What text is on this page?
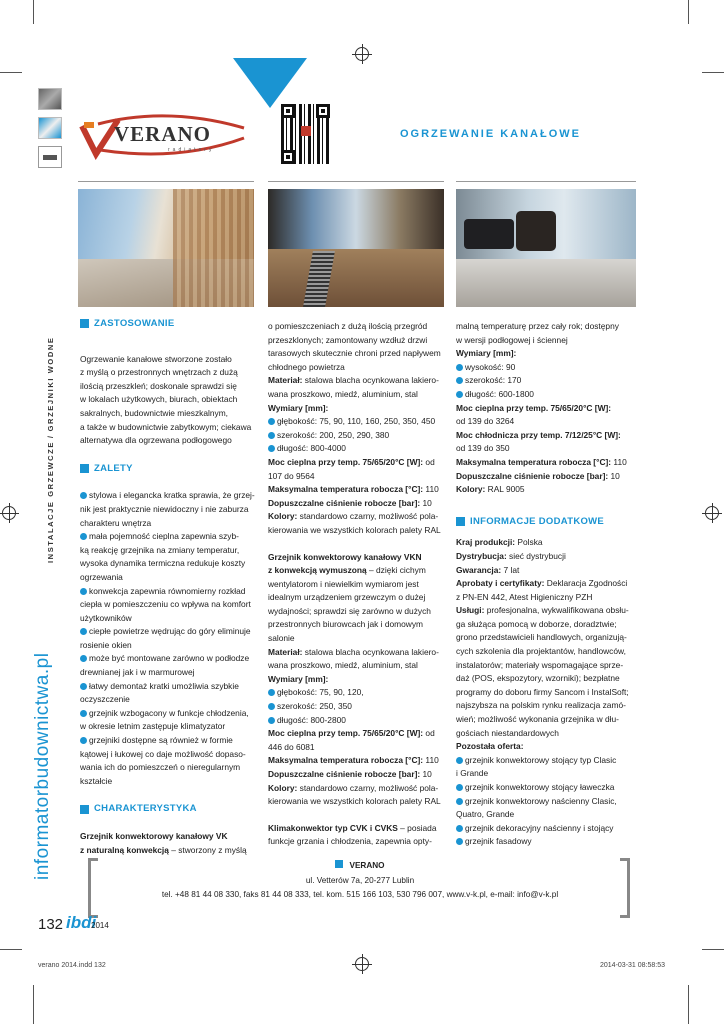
VERANO
radiatory
OGRZEWANIE KANAŁOWE
INSTALACJE GRZEWCZE/GRZEJNIKI WODNE
informatorbudownictwa.pl
ZASTOSOWANIE

Ogrzewanie kanałowe stworzone zostało

z myślą o przestronnych wnętrzach z dużą

ilością przeszkleń; doskonale sprawdzi się

w lokalach użytkowych, biurach, obiektach

sakralnych, budownictwie mieszkalnym,

a także w budownictwie zabytkowym; ciekawa

alternatywa dla ogrzewana podłogowego

ZALETY

stylowa i elegancka kratka sprawia, że grzej-

nik jest praktycznie niewidoczny i nie zaburza

charakteru wnętrza

mała pojemność cieplna zapewnia szyb-

ką reakcję grzejnika na zmiany temperatur,

wysoka dynamika termiczna redukuje koszty

ogrzewania

konwekcja zapewnia równomierny rozkład

ciepła w pomieszczeniu co wpływa na komfort

użytkowników

ciepłe powietrze wędrując do góry eliminuje

rosienie okien

może być montowane zarówno w podłodze

drewnianej jak i w marmurowej

łatwy demontaż kratki umożliwia szybkie

oczyszczenie

grzejnik wzbogacony w funkcje chłodzenia,

w okresie letnim zastępuje klimatyzator

grzejniki dostępne są również w formie

kątowej i łukowej co daje możliwość dopaso-

wania ich do pomieszczeń o nieregularnym

kształcie

CHARAKTERYSTYKA

Grzejnik konwektorowy kanałowy VK

z naturalną konwekcją – stworzony z myślą

o pomieszczeniach z dużą ilością przegród

przeszklonych; zamontowany wzdłuż drzwi

tarasowych skutecznie chroni przed napływem

chłodnego powietrza

Materiał: stalowa blacha ocynkowana lakiero-

wana proszkowo, miedź, aluminium, stal

Wymiary [mm]:

głębokość: 75, 90, 110, 160, 250, 350, 450

szerokość: 200, 250, 290, 380

długość: 800-4000

Moc cieplna przy temp. 75/65/20°C [W]: od

107 do 9564

Maksymalna temperatura robocza [°C]: 110

Dopuszczalne ciśnienie robocze [bar]: 10

Kolory: standardowo czarny, możliwość pola-

kierowania we wszystkich kolorach palety RAL

Grzejnik konwektorowy kanałowy VKN

z konwekcją wymuszoną – dzięki cichym

wentylatorom i niewielkim wymiarom jest

idealnym urządzeniem grzewczym o dużej

wydajności; sprawdzi się zarówno w dużych

przestronnych biurowcach jak i domowym

salonie

Materiał: stalowa blacha ocynkowana lakiero-

wana proszkowo, miedź, aluminium, stal

Wymiary [mm]:

głębokość: 75, 90, 120,

szerokość: 250, 350

długość: 800-2800

Moc cieplna przy temp. 75/65/20°C [W]: od

446 do 6081

Maksymalna temperatura robocza [°C]: 110

Dopuszczalne ciśnienie robocze [bar]: 10

Kolory: standardowo czarny, możliwość pola-

kierowania we wszystkich kolorach palety RAL

Klimakonwektor typ CVK i CVKS – posiada

funkcje grzania i chłodzenia, zapewnia opty-

malną temperaturę przez cały rok; dostępny

w wersji podłogowej i ściennej

Wymiary [mm]:

wysokość: 90

szerokość: 170

długość: 600-1800

Moc cieplna przy temp. 75/65/20°C [W]:

od 139 do 3264

Moc chłodnicza przy temp. 7/12/25°C [W]:

od 139 do 350

Maksymalna temperatura robocza [°C]: 110

Dopuszczalne ciśnienie robocze [bar]: 10

Kolory: RAL 9005

INFORMACJE DODATKOWE

Kraj produkcji: Polska

Dystrybucja: sieć dystrybucji

Gwarancja: 7 lat

Aprobaty i certyfikaty: Deklaracja Zgodności

z PN-EN 442, Atest Higieniczny PZH

Usługi: profesjonalna, wykwalifikowana obsłu-

ga służąca pomocą w doborze, doradztwie;

grono przedstawicieli handlowych, organizują-

cych szkolenia dla projektantów, handlowców,

instalatorów; materiały wspomagające sprze-

daż (POS, ekspozytory, wzorniki); bezpłatne

programy do doboru firmy Sancom i InstalSoft;

najszybsza na polskim rynku realizacja zamó-

wień; możliwość wykonania grzejnika w dłu-

gościach niestandardowych

Pozostała oferta:

grzejnik konwektorowy stojący typ Clasic

i Grande

grzejnik konwektorowy stojący ławeczka

grzejnik konwektorowy naścienny Clasic,

Quatro, Grande

grzejnik dekoracyjny naścienny i stojący

grzejnik fasadowy

VERANO
ul. Vetterów 7a, 20-277 Lublin
tel. +48 81 44 08 330, faks 81 44 08 333, tel. kom. 515 166 103, 530 796 007, www.v-k.pl, e-mail: info@v-k.pl
132 ibdi
2014
verano 2014.indd 132	2014-03-31 08:58:53
